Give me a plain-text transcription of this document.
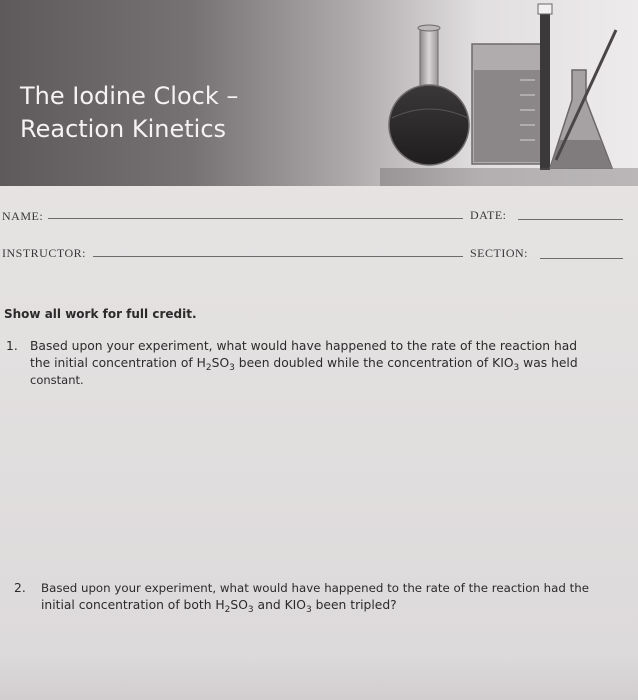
The Iodine Clock –
Reaction Kinetics
NAME:	DATE:
INSTRUCTOR:	SECTION:
Show all work for full credit.
1. Based upon your experiment, what would have happened to the rate of the reaction had
the initial concentration of $H_2SO_3$ been doubled while the concentration of $KIO_3$ was held
constant.
2. Based upon your experiment, what would have happened to the rate of the reaction had the
initial concentration of both $H_2SO_3$ and $KIO_3$ been tripled?
